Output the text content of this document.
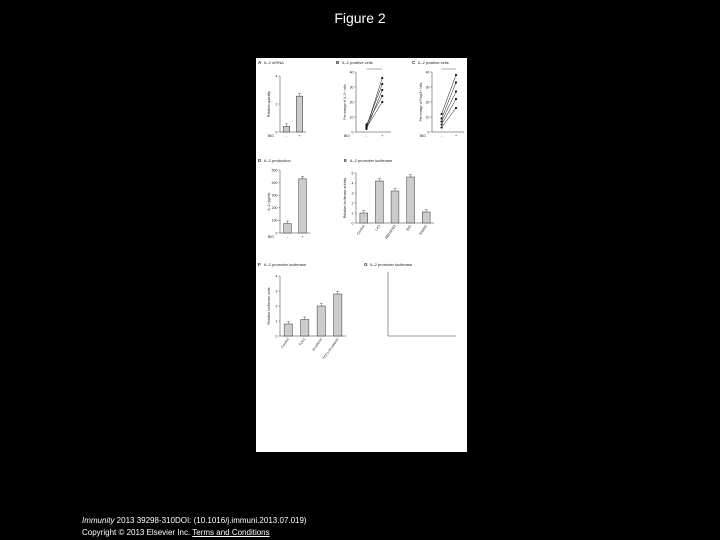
Figure 2
A IL-2 mRNA
0
2
4
Relative quantity
-	+
BIO
B IL-2 positive cells
0
10
20
30
40
Percentage of IL-2+ cells
-	+
BIO
C IL-2 positive cells
0
10
20
30
40
Percentage of Foxp3+ cells
-	+
BIO
D IL-2 production
0
100
200
300
400
500
IL-2 (pg/ml)
-	+
BIO
E IL-2 promoter luciferase
0
1
2
3
4
5
Relative luciferase activity
Control	LiCl SB216763	BIO MeBIO
F IL-2 promoter luciferase
0
1
2
3
4
Relative luciferase units
Control TCF1 b-catenin
TCF1+b-catenin
G IL-2 promoter luciferase
Immunity 2013 39298-310DOI: (10.1016/j.immuni.2013.07.019)
Copyright © 2013 Elsevier Inc. Terms and Conditions
